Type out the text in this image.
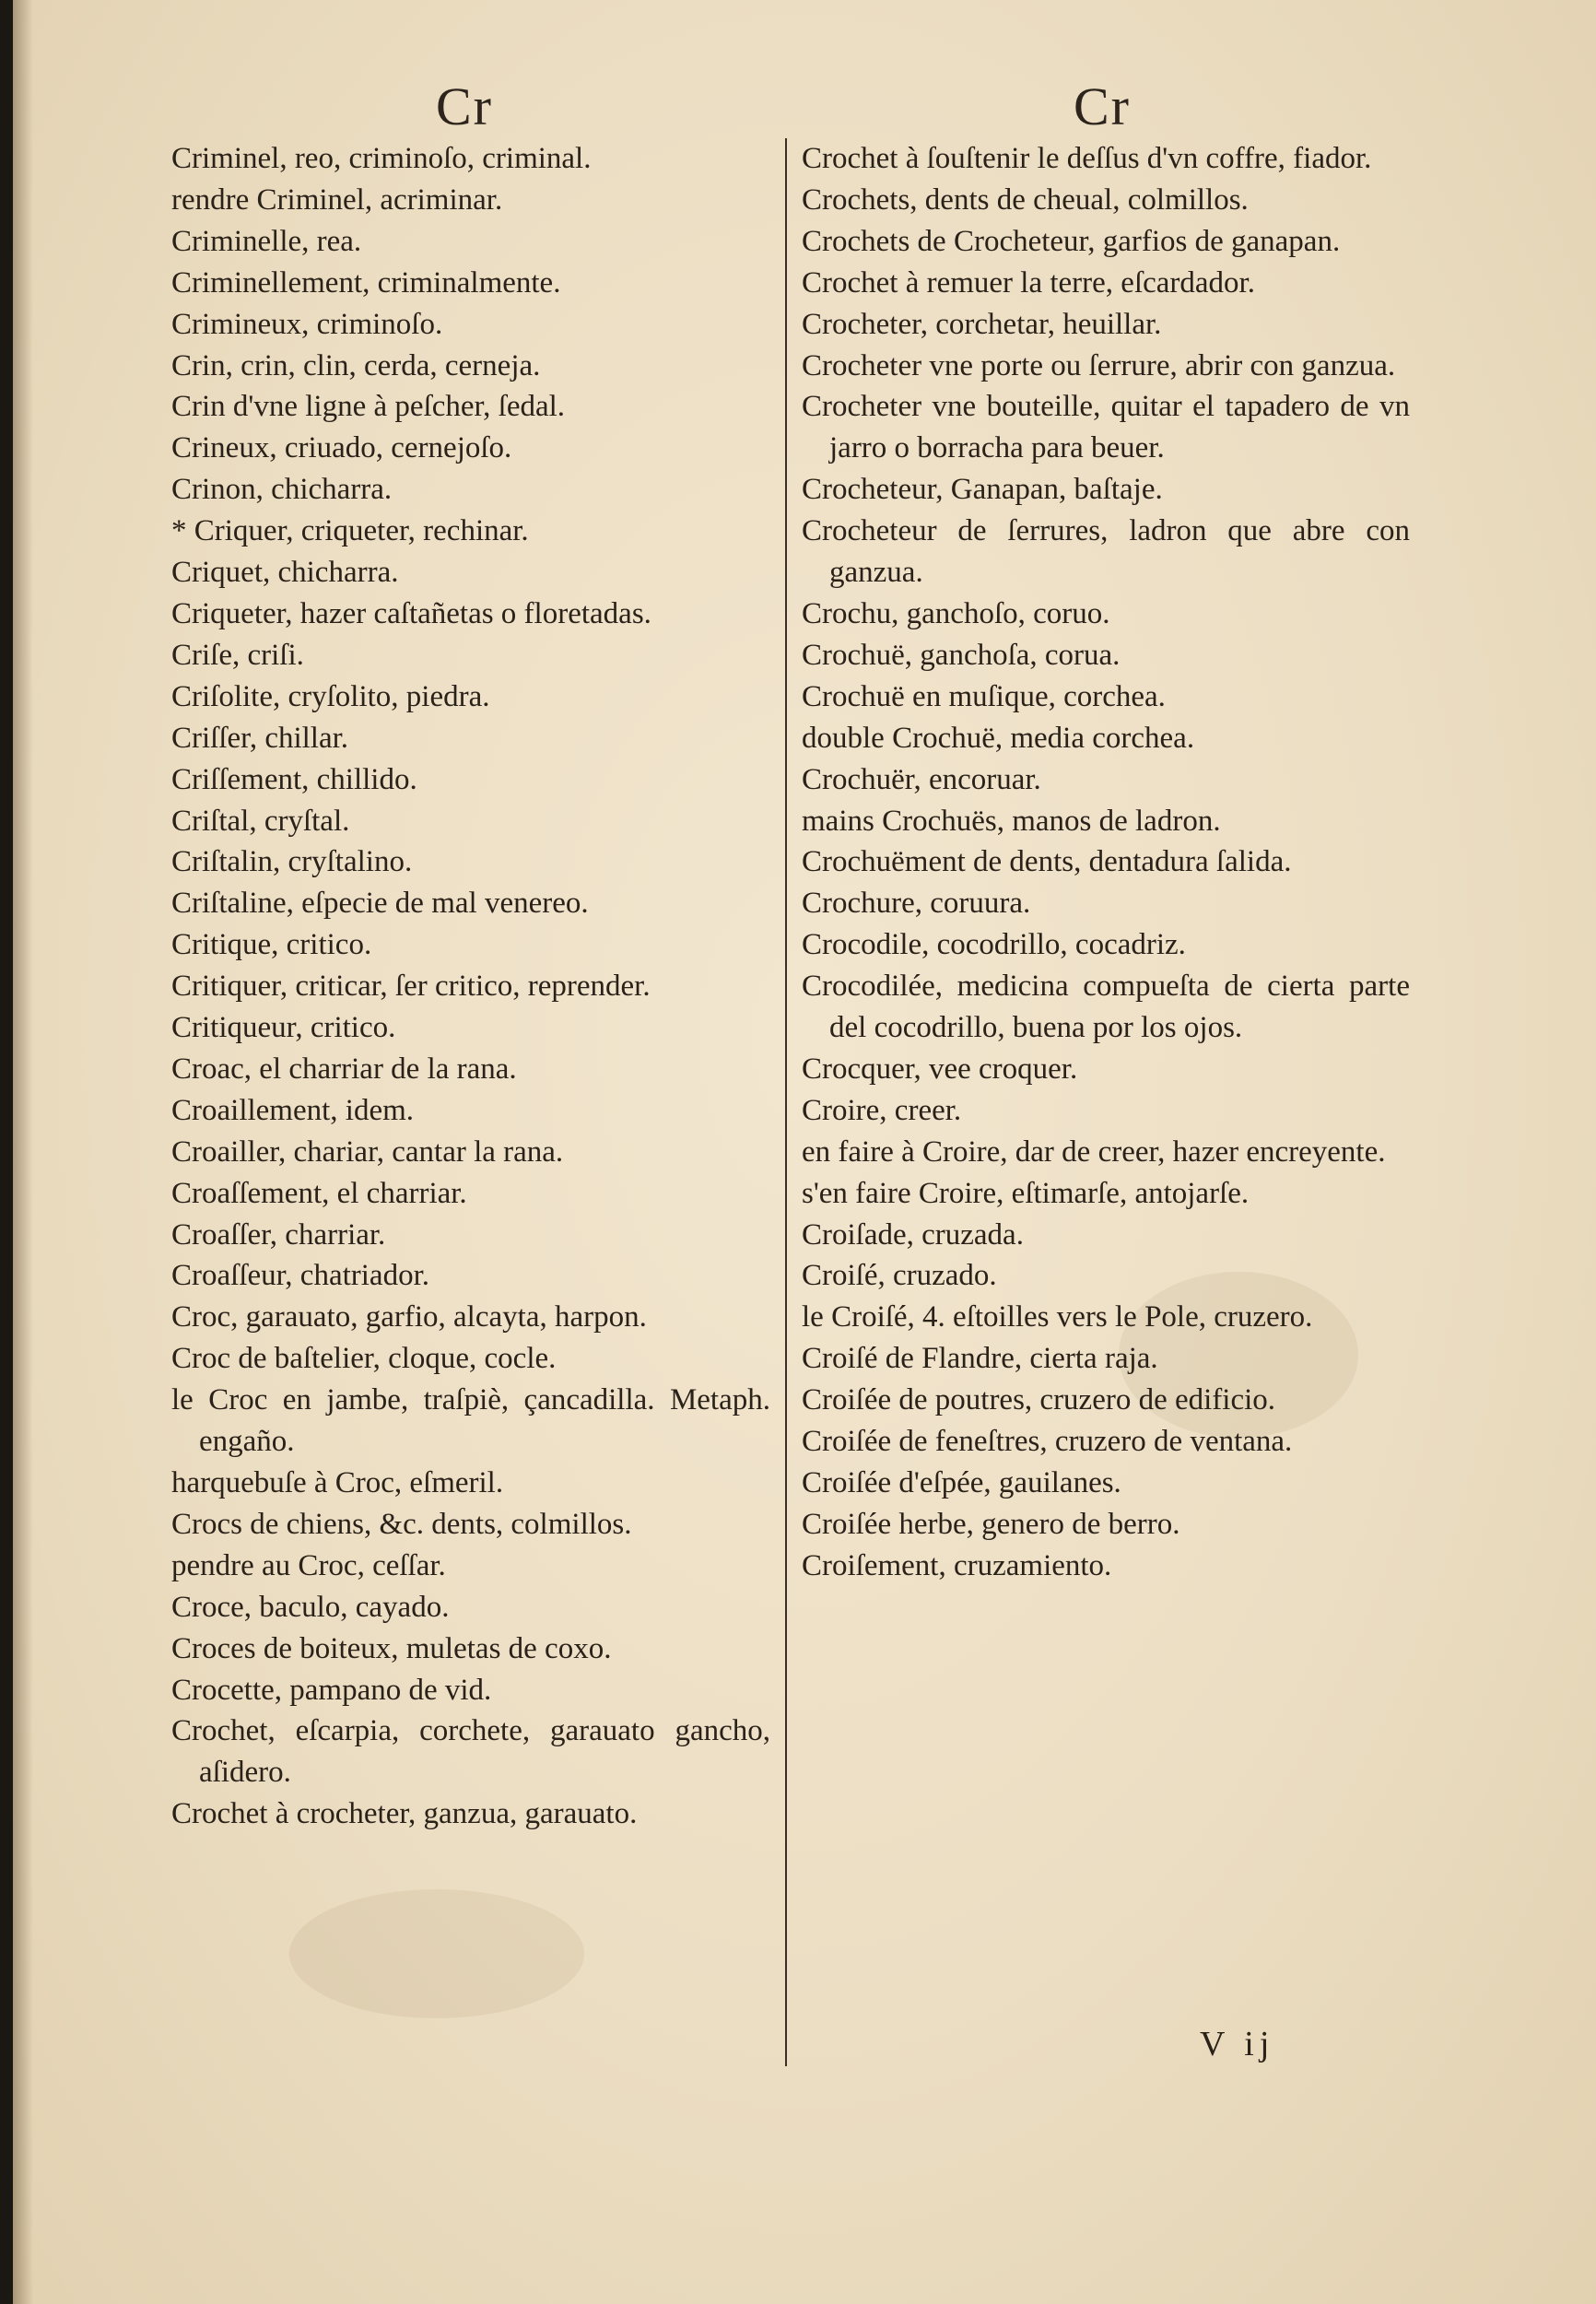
Cr	Cr
Criminel, reo, criminoſo, criminal.
rendre Criminel, acriminar.
Criminelle, rea.
Criminellement, criminalmente.
Crimineux, criminoſo.
Crin, crin, clin, cerda, cerneja.
Crin d'vne ligne à peſcher, ſedal.
Crineux, criuado, cernejoſo.
Crinon, chicharra.
* Criquer, criqueter, rechinar.
Criquet, chicharra.
Criqueter, hazer caſtañetas o floretadas.
Criſe, criſi.
Criſolite, cryſolito, piedra.
Criſſer, chillar.
Criſſement, chillido.
Criſtal, cryſtal.
Criſtalin, cryſtalino.
Criſtaline, eſpecie de mal venereo.
Critique, critico.
Critiquer, criticar, ſer critico, reprender.
Critiqueur, critico.
Croac, el charriar de la rana.
Croaillement, idem.
Croailler, chariar, cantar la rana.
Croaſſement, el charriar.
Croaſſer, charriar.
Croaſſeur, chatriador.
Croc, garauato, garfio, alcayta, harpon.
Croc de baſtelier, cloque, cocle.
le Croc en jambe, traſpiè, çancadilla. Metaph. engaño.
harquebuſe à Croc, eſmeril.
Crocs de chiens, &c. dents, colmillos.
pendre au Croc, ceſſar.
Croce, baculo, cayado.
Croces de boiteux, muletas de coxo.
Crocette, pampano de vid.
Crochet, eſcarpia, corchete, garauato gancho, aſidero.
Crochet à crocheter, ganzua, garauato.
Crochet à ſouſtenir le deſſus d'vn coffre, fiador.
Crochets, dents de cheual, colmillos.
Crochets de Crocheteur, garfios de ganapan.
Crochet à remuer la terre, eſcardador.
Crocheter, corchetar, heuillar.
Crocheter vne porte ou ſerrure, abrir con ganzua.
Crocheter vne bouteille, quitar el tapadero de vn jarro o borracha para beuer.
Crocheteur, Ganapan, baſtaje.
Crocheteur de ſerrures, ladron que abre con ganzua.
Crochu, ganchoſo, coruo.
Crochuë, ganchoſa, corua.
Crochuë en muſique, corchea.
double Crochuë, media corchea.
Crochuër, encoruar.
mains Crochuës, manos de ladron.
Crochuëment de dents, dentadura ſalida.
Crochure, coruura.
Crocodile, cocodrillo, cocadriz.
Crocodilée, medicina compueſta de cierta parte del cocodrillo, buena por los ojos.
Crocquer, vee croquer.
Croire, creer.
en faire à Croire, dar de creer, hazer encreyente.
s'en faire Croire, eſtimarſe, antojarſe.
Croiſade, cruzada.
Croiſé, cruzado.
le Croiſé, 4. eſtoilles vers le Pole, cruzero.
Croiſé de Flandre, cierta raja.
Croiſée de poutres, cruzero de edificio.
Croiſée de feneſtres, cruzero de ventana.
Croiſée d'eſpée, gauilanes.
Croiſée herbe, genero de berro.
Croiſement, cruzamiento.
V ij
